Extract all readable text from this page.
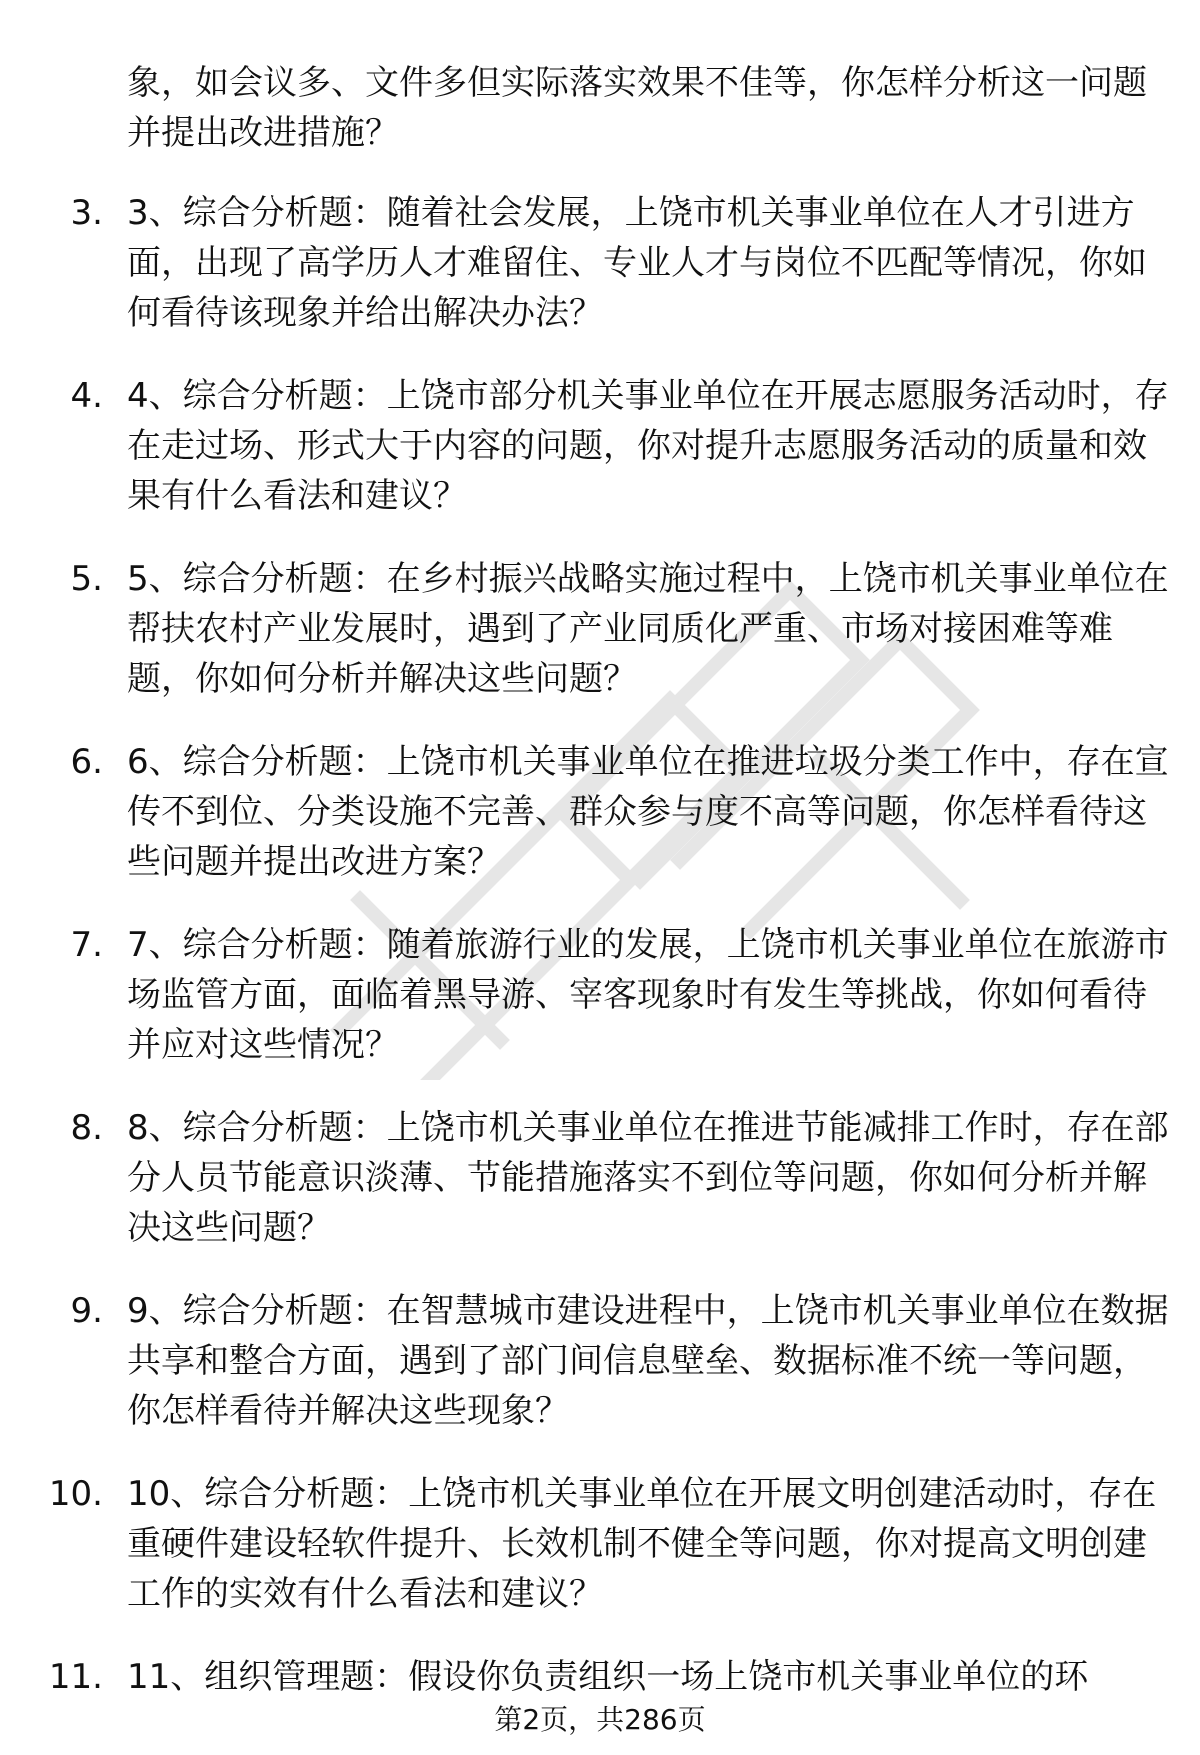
象，如会议多、文件多但实际落实效果不佳等，你怎样分析这一问题并提出改进措施？

3. 3、综合分析题：随着社会发展，上饶市机关事业单位在人才引进方面，出现了高学历人才难留住、专业人才与岗位不匹配等情况，你如何看待该现象并给出解决办法？

4. 4、综合分析题：上饶市部分机关事业单位在开展志愿服务活动时，存在走过场、形式大于内容的问题，你对提升志愿服务活动的质量和效果有什么看法和建议？

5. 5、综合分析题：在乡村振兴战略实施过程中，上饶市机关事业单位在帮扶农村产业发展时，遇到了产业同质化严重、市场对接困难等难题，你如何分析并解决这些问题？

6. 6、综合分析题：上饶市机关事业单位在推进垃圾分类工作中，存在宣传不到位、分类设施不完善、群众参与度不高等问题，你怎样看待这些问题并提出改进方案？

7. 7、综合分析题：随着旅游行业的发展，上饶市机关事业单位在旅游市场监管方面，面临着黑导游、宰客现象时有发生等挑战，你如何看待并应对这些情况？

8. 8、综合分析题：上饶市机关事业单位在推进节能减排工作时，存在部分人员节能意识淡薄、节能措施落实不到位等问题，你如何分析并解决这些问题？

9. 9、综合分析题：在智慧城市建设进程中，上饶市机关事业单位在数据共享和整合方面，遇到了部门间信息壁垒、数据标准不统一等问题，你怎样看待并解决这些现象？

10. 10、综合分析题：上饶市机关事业单位在开展文明创建活动时，存在重硬件建设轻软件提升、长效机制不健全等问题，你对提高文明创建工作的实效有什么看法和建议？

11. 11、组织管理题：假设你负责组织一场上饶市机关事业单位的环

第2页，共286页
